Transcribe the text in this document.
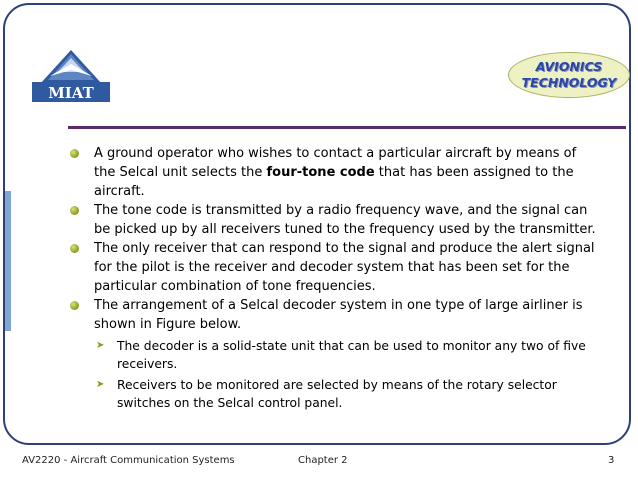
MIAT
AVIONICS
TECHNOLOGY
A ground operator who wishes to contact a particular aircraft by means of the Selcal unit selects the four-tone code that has been assigned to the aircraft.
The tone code is transmitted by a radio frequency wave, and the signal can be picked up by all receivers tuned to the frequency used by the transmitter.
The only receiver that can respond to the signal and produce the alert signal for the pilot is the receiver and decoder system that has been set for the particular combination of tone frequencies.
The arrangement of a Selcal decoder system in one type of large airliner is shown in Figure below.
➤ The decoder is a solid-state unit that can be used to monitor any two of five receivers.
➤ Receivers to be monitored are selected by means of the rotary selector switches on the Selcal control panel.
AV2220 - Aircraft Communication Systems	Chapter 2	3
